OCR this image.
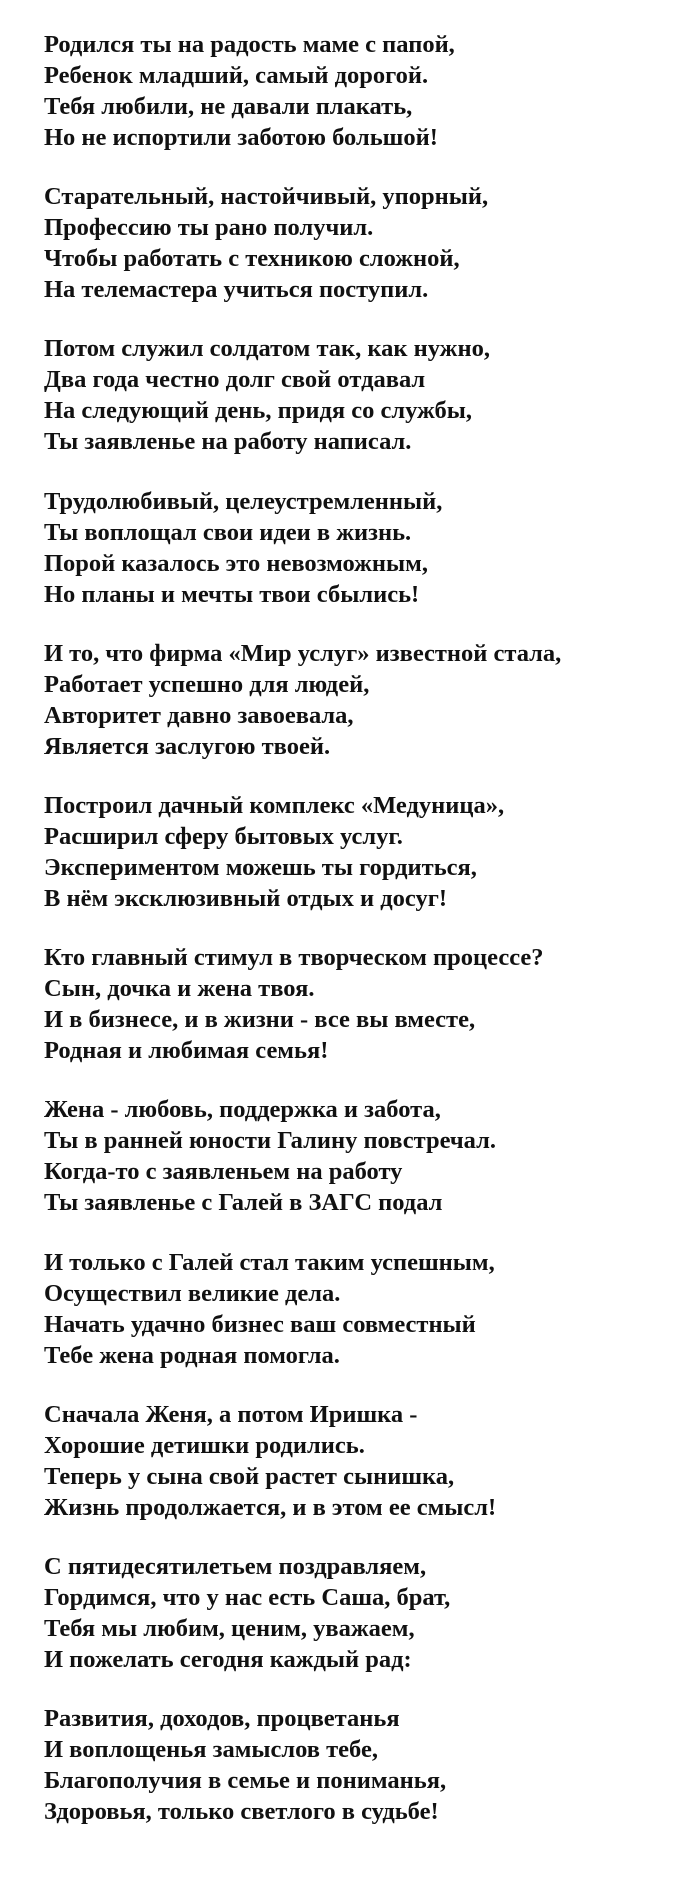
Родился ты на радость маме с папой,
Ребенок младший, самый дорогой.
Тебя любили, не давали плакать,
Но не испортили заботою большой!
Старательный, настойчивый, упорный,
Профессию ты рано получил.
Чтобы работать с техникою сложной,
На телемастера учиться поступил.
Потом служил солдатом так, как нужно,
Два года честно долг свой отдавал
На следующий день, придя со службы,
Ты заявленье на работу написал.
Трудолюбивый, целеустремленный,
Ты воплощал свои идеи в жизнь.
Порой казалось это невозможным,
Но планы и мечты твои сбылись!
И то, что фирма «Мир услуг» известной стала,
Работает успешно для людей,
Авторитет давно завоевала,
Является заслугою твоей.
Построил дачный комплекс «Медуница»,
Расширил сферу бытовых услуг.
Экспериментом можешь ты гордиться,
В нём эксклюзивный отдых и досуг!
Кто главный стимул в творческом процессе?
Сын, дочка и жена твоя.
И в бизнесе, и в жизни - все вы вместе,
Родная и любимая семья!
Жена - любовь, поддержка и забота,
Ты в ранней юности Галину повстречал.
Когда-то с заявленьем на работу
Ты заявленье с Галей в ЗАГС подал
И только с Галей стал таким успешным,
Осуществил великие дела.
Начать удачно бизнес ваш совместный
Тебе жена родная помогла.
Сначала Женя, а потом Иришка -
Хорошие детишки родились.
Теперь у сына свой растет сынишка,
Жизнь продолжается, и в этом ее смысл!
С пятидесятилетьем поздравляем,
Гордимся, что у нас есть Саша, брат,
Тебя мы любим, ценим, уважаем,
И пожелать сегодня каждый рад:
Развития, доходов, процветанья
И воплощенья замыслов тебе,
Благополучия в семье и пониманья,
Здоровья, только светлого в судьбе!
